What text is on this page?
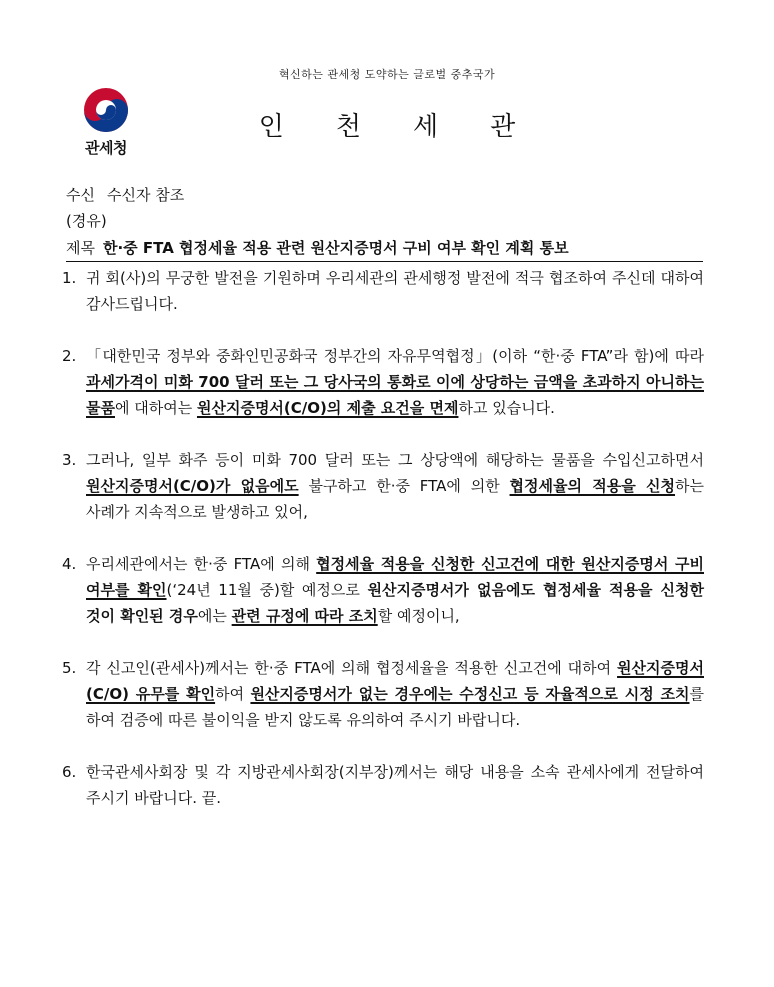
혁신하는 관세청 도약하는 글로벌 중추국가
관세청
인천세관
수신 수신자 참조
(경유)
제목 한·중 FTA 협정세율 적용 관련 원산지증명서 구비 여부 확인 계획 통보
1. 귀 회(사)의 무궁한 발전을 기원하며 우리세관의 관세행정 발전에 적극 협조하여 주신데 대하여 감사드립니다.
2. 「대한민국 정부와 중화인민공화국 정부간의 자유무역협정」(이하 “한·중 FTA”라 함)에 따라 과세가격이 미화 700 달러 또는 그 당사국의 통화로 이에 상당하는 금액을 초과하지 아니하는 물품에 대하여는 원산지증명서(C/O)의 제출 요건을 면제하고 있습니다.
3. 그러나, 일부 화주 등이 미화 700 달러 또는 그 상당액에 해당하는 물품을 수입신고하면서 원산지증명서(C/O)가 없음에도 불구하고 한·중 FTA에 의한 협정세율의 적용을 신청하는 사례가 지속적으로 발생하고 있어,
4. 우리세관에서는 한·중 FTA에 의해 협정세율 적용을 신청한 신고건에 대한 원산지증명서 구비 여부를 확인(‘24년 11월 중)할 예정으로 원산지증명서가 없음에도 협정세율 적용을 신청한 것이 확인된 경우에는 관련 규정에 따라 조치할 예정이니,
5. 각 신고인(관세사)께서는 한·중 FTA에 의해 협정세율을 적용한 신고건에 대하여 원산지증명서(C/O) 유무를 확인하여 원산지증명서가 없는 경우에는 수정신고 등 자율적으로 시정 조치를 하여 검증에 따른 불이익을 받지 않도록 유의하여 주시기 바랍니다.
6. 한국관세사회장 및 각 지방관세사회장(지부장)께서는 해당 내용을 소속 관세사에게 전달하여 주시기 바랍니다. 끝.
